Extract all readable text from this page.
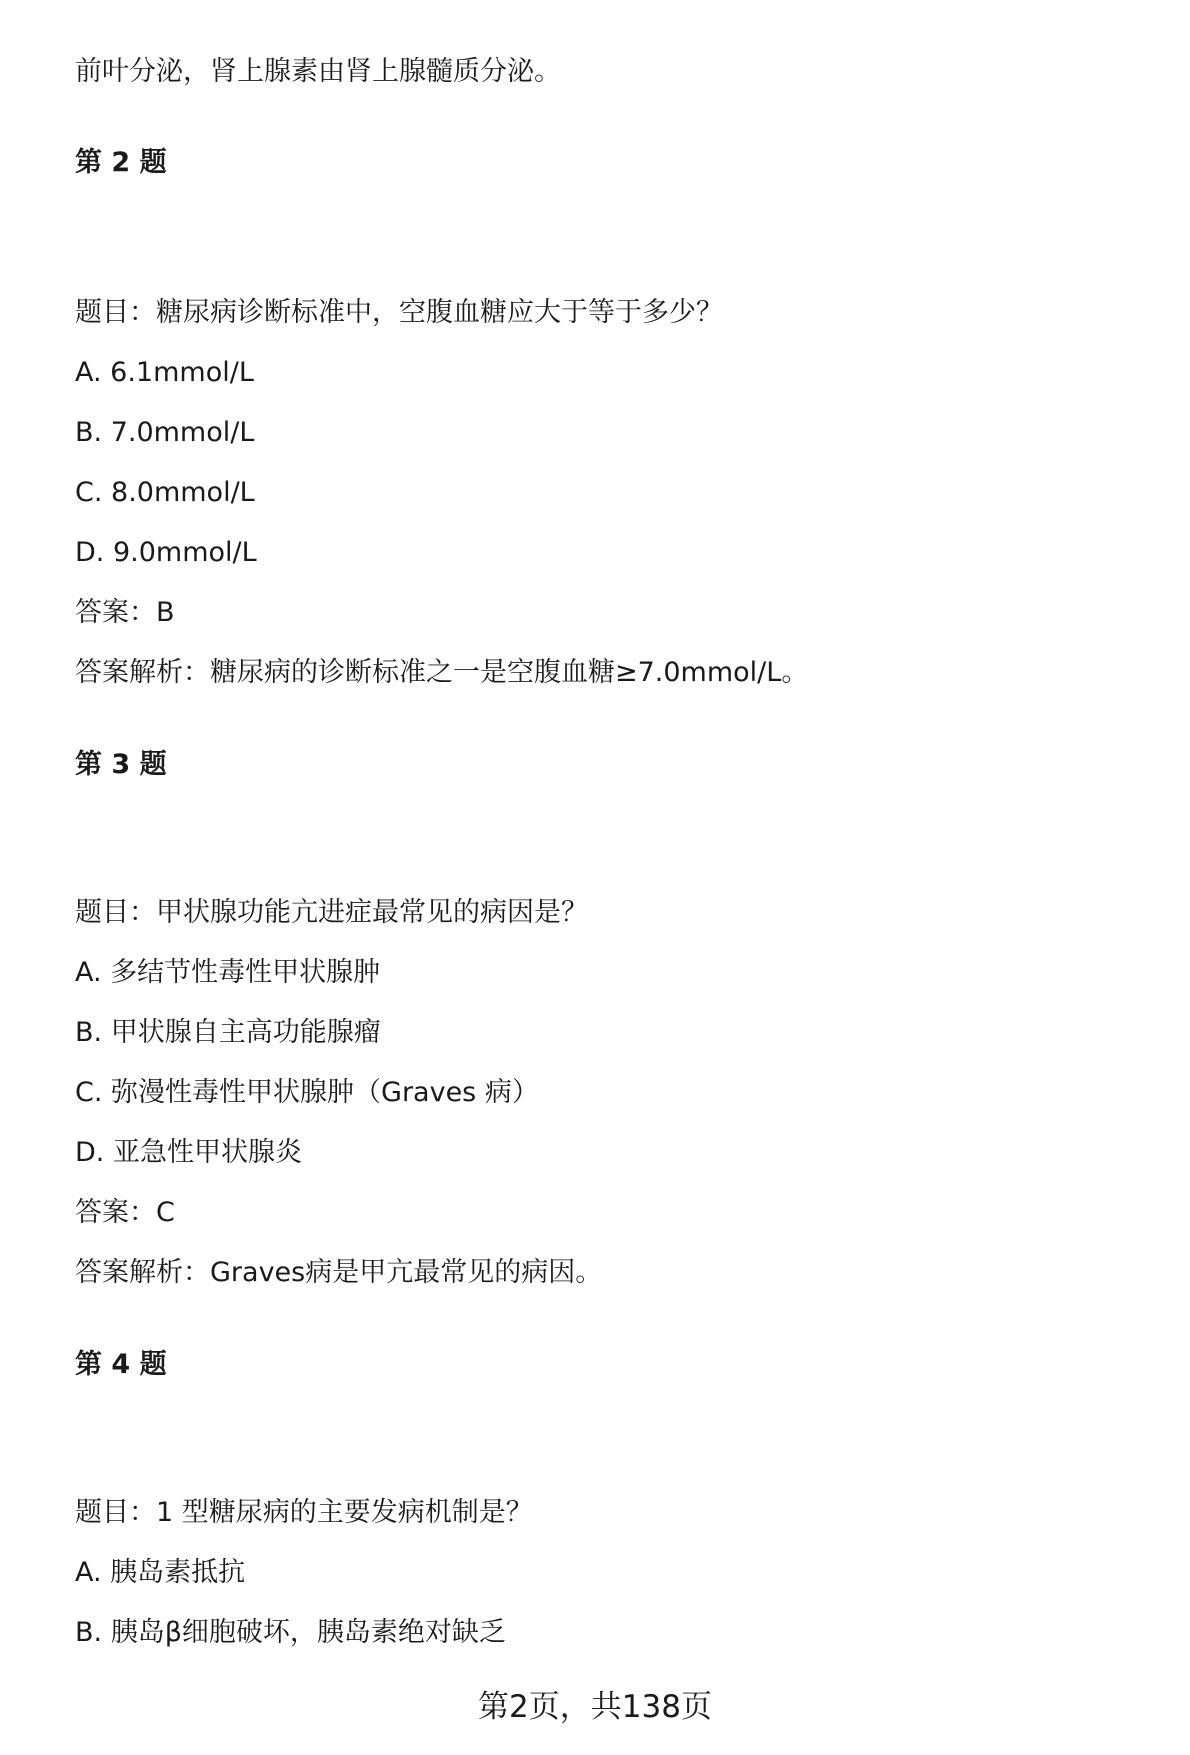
前叶分泌，肾上腺素由肾上腺髓质分泌。
第 2 题
题目：糖尿病诊断标准中，空腹血糖应大于等于多少？
A. 6.1mmol/L
B. 7.0mmol/L
C. 8.0mmol/L
D. 9.0mmol/L
答案：B
答案解析：糖尿病的诊断标准之一是空腹血糖≥7.0mmol/L。
第 3 题
题目：甲状腺功能亢进症最常见的病因是？
A. 多结节性毒性甲状腺肿
B. 甲状腺自主高功能腺瘤
C. 弥漫性毒性甲状腺肿（Graves 病）
D. 亚急性甲状腺炎
答案：C
答案解析：Graves病是甲亢最常见的病因。
第 4 题
题目：1 型糖尿病的主要发病机制是？
A. 胰岛素抵抗
B. 胰岛β细胞破坏，胰岛素绝对缺乏
第2页，共138页
